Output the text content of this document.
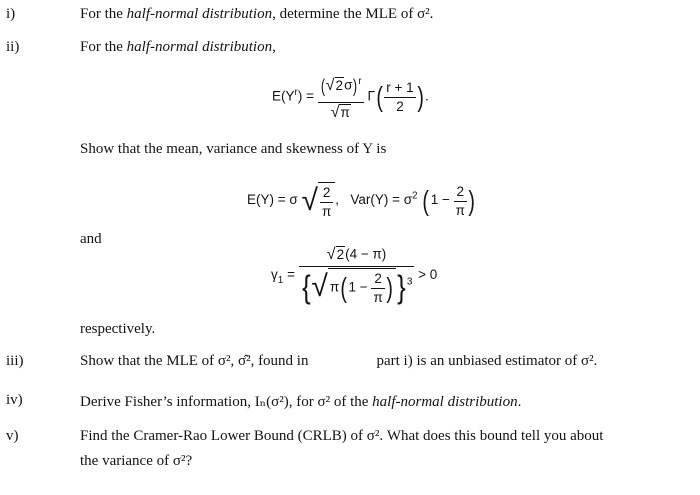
i)	For the half-normal distribution, determine the MLE of σ².
ii)	For the half-normal distribution,
$E(Y^r) = \frac{(√2\sigma)^r}{√\pi} \Gamma( \frac{r + 1}{2}$ ).
Show that the mean, variance and skewness of Y is
E(Y) = σ √ $\frac{2}{\pi}$ , $Var(Y) = \sigma^2$ ($1 - \frac{2}{\pi}$ )
and
$\gamma_1 = \frac{√2(4 - \pi)}{\{√ \pi(1 - \frac{2}{\pi} ) \}^3} > 0$
respectively.
iii)	Show that the MLE of σ², σ̂², found in	part i) is an unbiased estimator of σ².
iv)	Derive Fisher’s information, Iₙ(σ²), for σ² of the half-normal distribution.
v)	Find the Cramer-Rao Lower Bound (CRLB) of σ². What does this bound tell you about
the variance of σ²?
